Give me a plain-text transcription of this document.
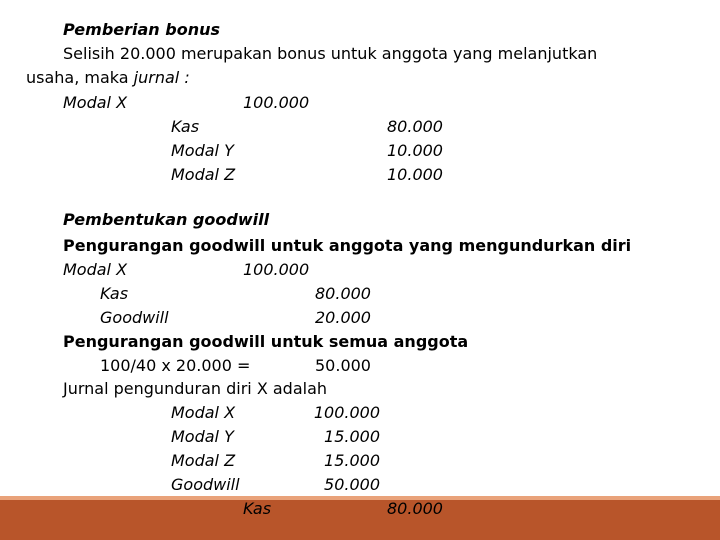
Pemberian bonus
Selisih 20.000 merupakan bonus untuk anggota yang melanjutkan
usaha, maka jurnal :
Modal X	100.000
Kas	80.000
Modal Y	10.000
Modal Z	10.000
Pembentukan goodwill
Pengurangan goodwill untuk anggota yang mengundurkan diri
Modal X	100.000
Kas	80.000
Goodwill	20.000
Pengurangan goodwill untuk semua anggota
100/40 x 20.000 =	50.000
Jurnal pengunduran diri X adalah
Modal X	100.000
Modal Y	15.000
Modal Z	15.000
Goodwill	50.000
Kas	80.000
